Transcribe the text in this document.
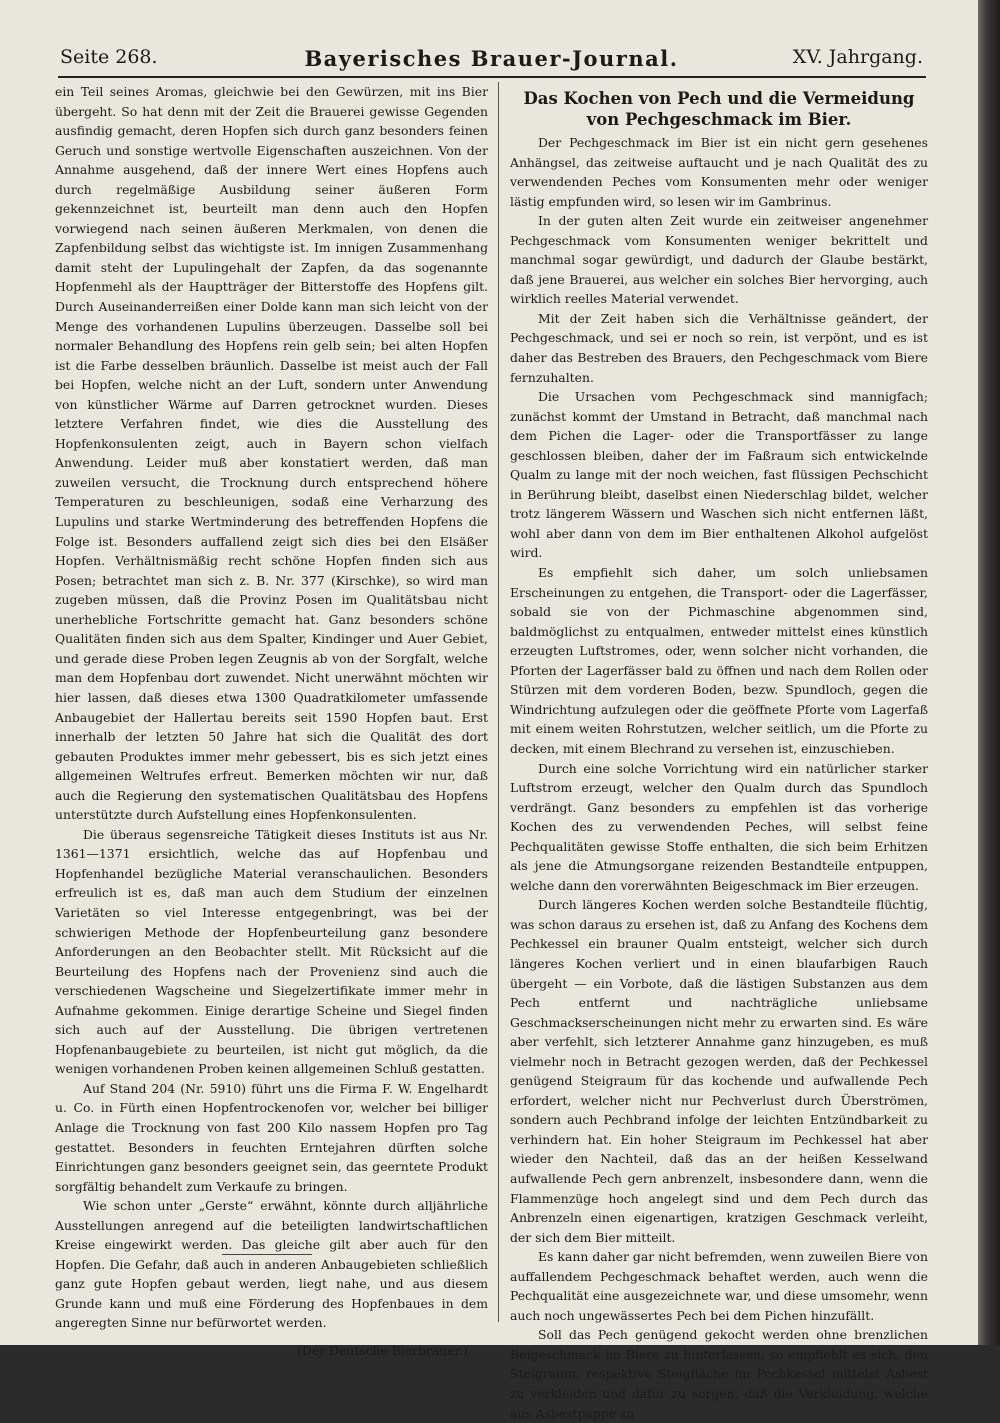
Seite 268.	Bayerisches Brauer-Journal.	XV. Jahrgang.

ein Teil seines Aromas, gleichwie bei den Gewürzen, mit ins Bier übergeht. So hat denn mit der Zeit die Brauerei gewisse Gegenden ausfindig gemacht, deren Hopfen sich durch ganz besonders feinen Geruch und sonstige wertvolle Eigenschaften auszeichnen. Von der Annahme ausgehend, daß der innere Wert eines Hopfens auch durch regelmäßige Ausbildung seiner äußeren Form gekennzeichnet ist, beurteilt man denn auch den Hopfen vorwiegend nach seinen äußeren Merkmalen, von denen die Zapfenbildung selbst das wichtigste ist. Im innigen Zusammenhang damit steht der Lupulingehalt der Zapfen, da das sogenannte Hopfenmehl als der Hauptträger der Bitterstoffe des Hopfens gilt. Durch Auseinanderreißen einer Dolde kann man sich leicht von der Menge des vorhandenen Lupulins überzeugen. Dasselbe soll bei normaler Behandlung des Hopfens rein gelb sein; bei alten Hopfen ist die Farbe desselben bräunlich. Dasselbe ist meist auch der Fall bei Hopfen, welche nicht an der Luft, sondern unter Anwendung von künstlicher Wärme auf Darren getrocknet wurden. Dieses letztere Verfahren findet, wie dies die Ausstellung des Hopfenkonsulenten zeigt, auch in Bayern schon vielfach Anwendung. Leider muß aber konstatiert werden, daß man zuweilen versucht, die Trocknung durch entsprechend höhere Temperaturen zu beschleunigen, sodaß eine Verharzung des Lupulins und starke Wertminderung des betreffenden Hopfens die Folge ist. Besonders auffallend zeigt sich dies bei den Elsäßer Hopfen. Verhältnismäßig recht schöne Hopfen finden sich aus Posen; betrachtet man sich z. B. Nr. 377 (Kirschke), so wird man zugeben müssen, daß die Provinz Posen im Qualitätsbau nicht unerhebliche Fortschritte gemacht hat. Ganz besonders schöne Qualitäten finden sich aus dem Spalter, Kindinger und Auer Gebiet, und gerade diese Proben legen Zeugnis ab von der Sorgfalt, welche man dem Hopfenbau dort zuwendet. Nicht unerwähnt möchten wir hier lassen, daß dieses etwa 1300 Quadratkilometer umfassende Anbaugebiet der Hallertau bereits seit 1590 Hopfen baut. Erst innerhalb der letzten 50 Jahre hat sich die Qualität des dort gebauten Produktes immer mehr gebessert, bis es sich jetzt eines allgemeinen Weltrufes erfreut. Bemerken möchten wir nur, daß auch die Regierung den systematischen Qualitätsbau des Hopfens unterstützte durch Aufstellung eines Hopfenkonsulenten.

Die überaus segensreiche Tätigkeit dieses Instituts ist aus Nr. 1361—1371 ersichtlich, welche das auf Hopfenbau und Hopfenhandel bezügliche Material veranschaulichen. Besonders erfreulich ist es, daß man auch dem Studium der einzelnen Varietäten so viel Interesse entgegenbringt, was bei der schwierigen Methode der Hopfenbeurteilung ganz besondere Anforderungen an den Beobachter stellt. Mit Rücksicht auf die Beurteilung des Hopfens nach der Provenienz sind auch die verschiedenen Wagscheine und Siegelzertifikate immer mehr in Aufnahme gekommen. Einige derartige Scheine und Siegel finden sich auch auf der Ausstellung. Die übrigen vertretenen Hopfenanbaugebiete zu beurteilen, ist nicht gut möglich, da die wenigen vorhandenen Proben keinen allgemeinen Schluß gestatten.

Auf Stand 204 (Nr. 5910) führt uns die Firma F. W. Engelhardt u. Co. in Fürth einen Hopfentrockenofen vor, welcher bei billiger Anlage die Trocknung von fast 200 Kilo nassem Hopfen pro Tag gestattet. Besonders in feuchten Erntejahren dürften solche Einrichtungen ganz besonders geeignet sein, das geerntete Produkt sorgfältig behandelt zum Verkaufe zu bringen.

Wie schon unter „Gerste“ erwähnt, könnte durch alljährliche Ausstellungen anregend auf die beteiligten landwirtschaftlichen Kreise eingewirkt werden. Das gleiche gilt aber auch für den Hopfen. Die Gefahr, daß auch in anderen Anbaugebieten schließlich ganz gute Hopfen gebaut werden, liegt nahe, und aus diesem Grunde kann und muß eine Förderung des Hopfenbaues in dem angeregten Sinne nur befürwortet werden.

(Der Deutsche Bierbrauer.)

Das Kochen von Pech und die Vermeidung von Pechgeschmack im Bier.

Der Pechgeschmack im Bier ist ein nicht gern gesehenes Anhängsel, das zeitweise auftaucht und je nach Qualität des zu verwendenden Peches vom Konsumenten mehr oder weniger lästig empfunden wird, so lesen wir im Gambrinus.

In der guten alten Zeit wurde ein zeitweiser angenehmer Pechgeschmack vom Konsumenten weniger bekrittelt und manchmal sogar gewürdigt, und dadurch der Glaube bestärkt, daß jene Brauerei, aus welcher ein solches Bier hervorging, auch wirklich reelles Material verwendet.

Mit der Zeit haben sich die Verhältnisse geändert, der Pechgeschmack, und sei er noch so rein, ist verpönt, und es ist daher das Bestreben des Brauers, den Pechgeschmack vom Biere fernzuhalten.

Die Ursachen vom Pechgeschmack sind mannigfach; zunächst kommt der Umstand in Betracht, daß manchmal nach dem Pichen die Lager- oder die Transportfässer zu lange geschlossen bleiben, daher der im Faßraum sich entwickelnde Qualm zu lange mit der noch weichen, fast flüssigen Pechschicht in Berührung bleibt, daselbst einen Niederschlag bildet, welcher trotz längerem Wässern und Waschen sich nicht entfernen läßt, wohl aber dann von dem im Bier enthaltenen Alkohol aufgelöst wird.

Es empfiehlt sich daher, um solch unliebsamen Erscheinungen zu entgehen, die Transport- oder die Lagerfässer, sobald sie von der Pichmaschine abgenommen sind, baldmöglichst zu entqualmen, entweder mittelst eines künstlich erzeugten Luftstromes, oder, wenn solcher nicht vorhanden, die Pforten der Lagerfässer bald zu öffnen und nach dem Rollen oder Stürzen mit dem vorderen Boden, bezw. Spundloch, gegen die Windrichtung aufzulegen oder die geöffnete Pforte vom Lagerfaß mit einem weiten Rohrstutzen, welcher seitlich, um die Pforte zu decken, mit einem Blechrand zu versehen ist, einzuschieben.

Durch eine solche Vorrichtung wird ein natürlicher starker Luftstrom erzeugt, welcher den Qualm durch das Spundloch verdrängt. Ganz besonders zu empfehlen ist das vorherige Kochen des zu verwendenden Peches, will selbst feine Pechqualitäten gewisse Stoffe enthalten, die sich beim Erhitzen als jene die Atmungsorgane reizenden Bestandteile entpuppen, welche dann den vorerwähnten Beigeschmack im Bier erzeugen.

Durch längeres Kochen werden solche Bestandteile flüchtig, was schon daraus zu ersehen ist, daß zu Anfang des Kochens dem Pechkessel ein brauner Qualm entsteigt, welcher sich durch längeres Kochen verliert und in einen blaufarbigen Rauch übergeht — ein Vorbote, daß die lästigen Substanzen aus dem Pech entfernt und nachträgliche unliebsame Geschmackserscheinungen nicht mehr zu erwarten sind. Es wäre aber verfehlt, sich letzterer Annahme ganz hinzugeben, es muß vielmehr noch in Betracht gezogen werden, daß der Pechkessel genügend Steigraum für das kochende und aufwallende Pech erfordert, welcher nicht nur Pechverlust durch Überströmen, sondern auch Pechbrand infolge der leichten Entzündbarkeit zu verhindern hat. Ein hoher Steigraum im Pechkessel hat aber wieder den Nachteil, daß das an der heißen Kesselwand aufwallende Pech gern anbrenzelt, insbesondere dann, wenn die Flammenzüge hoch angelegt sind und dem Pech durch das Anbrenzeln einen eigenartigen, kratzigen Geschmack verleiht, der sich dem Bier mitteilt.

Es kann daher gar nicht befremden, wenn zuweilen Biere von auffallendem Pechgeschmack behaftet werden, auch wenn die Pechqualität eine ausgezeichnete war, und diese umsomehr, wenn auch noch ungewässertes Pech bei dem Pichen hinzufällt.

Soll das Pech genügend gekocht werden ohne brenzlichen Beigeschmack im Biere zu hinterlassen, so empfiehlt es sich, den Steigraum, respektive Steigfläche im Pechkessel mittelst Asbest zu verkleiden und dafür zu sorgen, daß die Verkleidung, welche aus Asbestpappe zu
